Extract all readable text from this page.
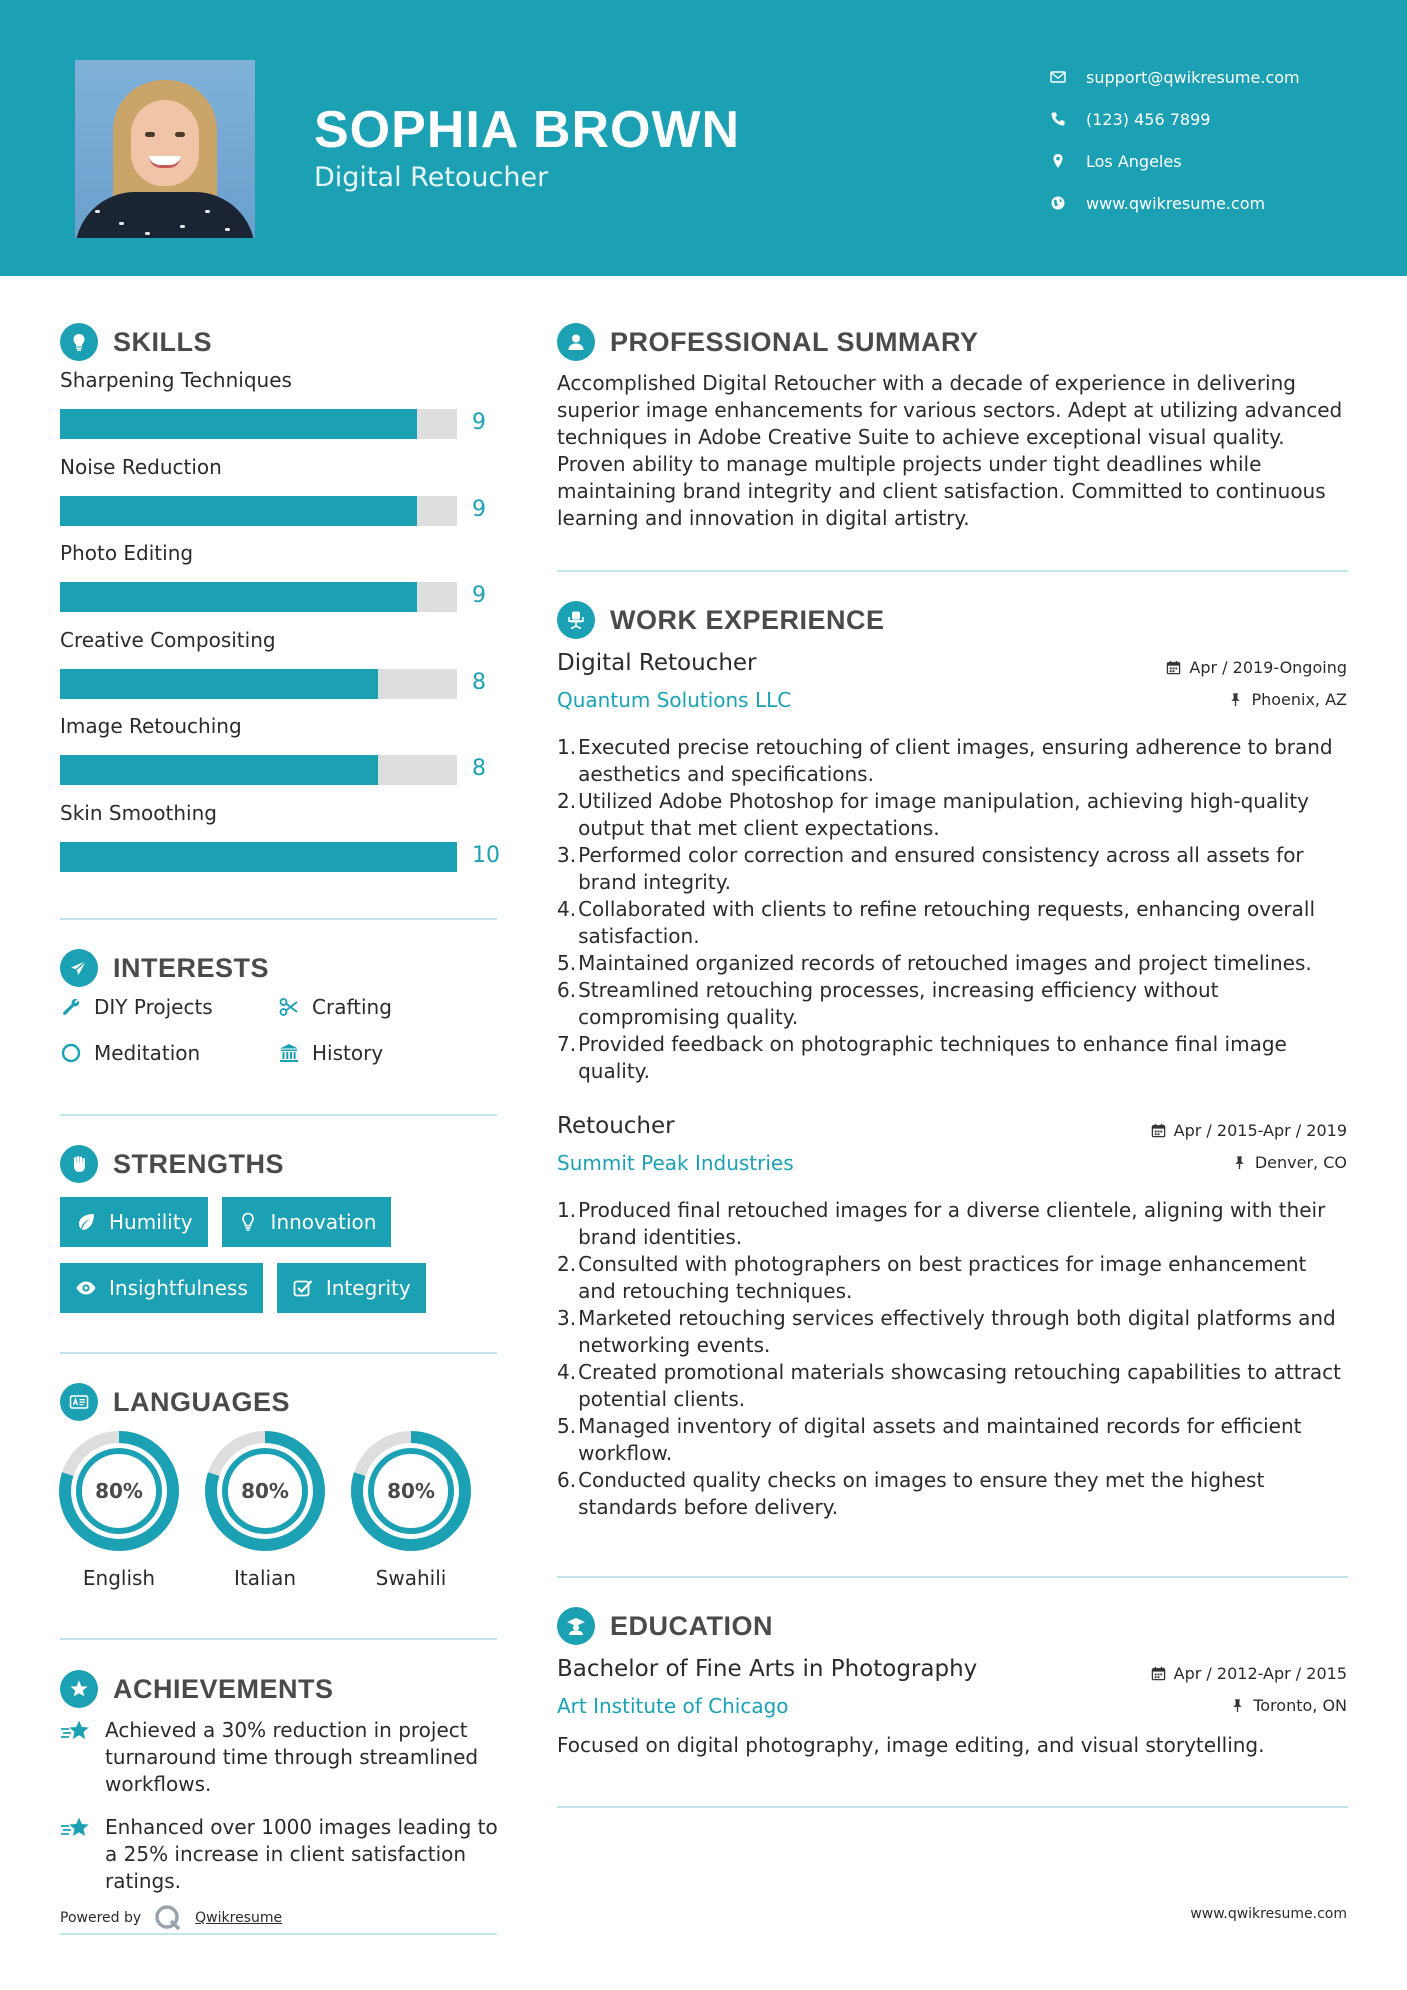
SOPHIA BROWN
Digital Retoucher
support@qwikresume.com
(123) 456 7899
Los Angeles
www.qwikresume.com
SKILLS
Sharpening Techniques
9
Noise Reduction
9
Photo Editing
9
Creative Compositing
8
Image Retouching
8
Skin Smoothing
10
INTERESTS
DIY Projects	Crafting
Meditation	History
STRENGTHS
Humility	Innovation
Insightfulness	Integrity
LANGUAGES
80%
English
80%
Italian
80%
Swahili
ACHIEVEMENTS
Achieved a 30% reduction in project turnaround time through streamlined workflows.
Enhanced over 1000 images leading to a 25% increase in client satisfaction ratings.
Powered by	Qwikresume
PROFESSIONAL SUMMARY
Accomplished Digital Retoucher with a decade of experience in delivering superior image enhancements for various sectors. Adept at utilizing advanced techniques in Adobe Creative Suite to achieve exceptional visual quality. Proven ability to manage multiple projects under tight deadlines while maintaining brand integrity and client satisfaction. Committed to continuous learning and innovation in digital artistry.
WORK EXPERIENCE
Digital Retoucher
Quantum Solutions LLC
Apr / 2019-Ongoing
Phoenix, AZ
1. Executed precise retouching of client images, ensuring adherence to brand aesthetics and specifications.
2. Utilized Adobe Photoshop for image manipulation, achieving high-quality output that met client expectations.
3. Performed color correction and ensured consistency across all assets for brand integrity.
4. Collaborated with clients to refine retouching requests, enhancing overall satisfaction.
5. Maintained organized records of retouched images and project timelines.
6. Streamlined retouching processes, increasing efficiency without compromising quality.
7. Provided feedback on photographic techniques to enhance final image quality.
Retoucher
Summit Peak Industries
Apr / 2015-Apr / 2019
Denver, CO
1. Produced final retouched images for a diverse clientele, aligning with their brand identities.
2. Consulted with photographers on best practices for image enhancement and retouching techniques.
3. Marketed retouching services effectively through both digital platforms and networking events.
4. Created promotional materials showcasing retouching capabilities to attract potential clients.
5. Managed inventory of digital assets and maintained records for efficient workflow.
6. Conducted quality checks on images to ensure they met the highest standards before delivery.
EDUCATION
Bachelor of Fine Arts in Photography
Art Institute of Chicago
Apr / 2012-Apr / 2015
Toronto, ON
Focused on digital photography, image editing, and visual storytelling.
www.qwikresume.com
